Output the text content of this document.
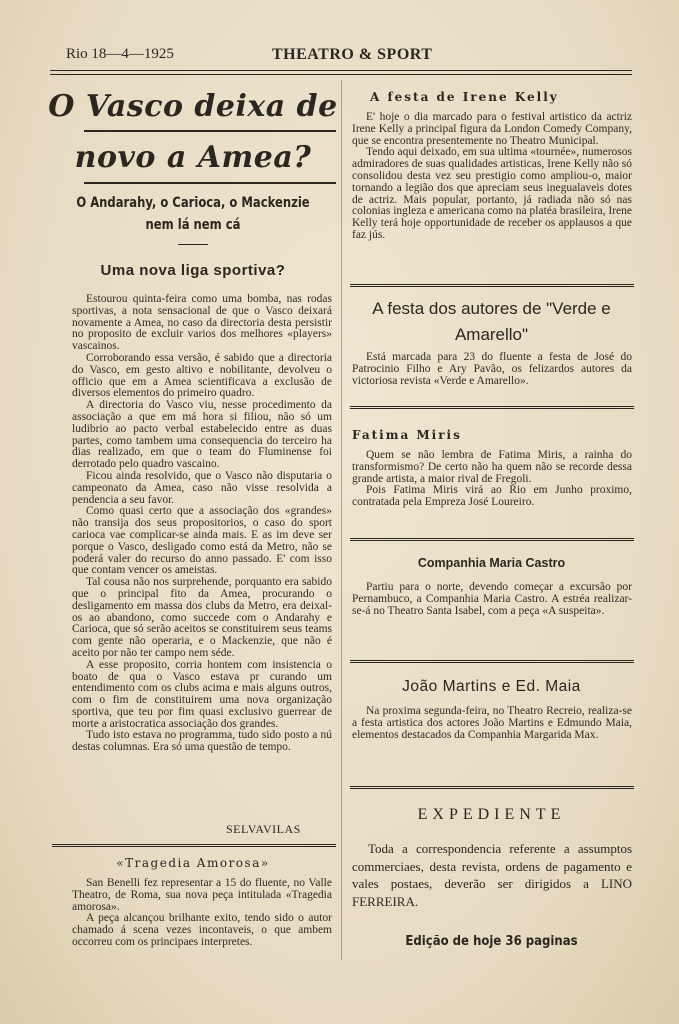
Rio 18—4—1925	THEATRO & SPORT
O Vasco deixa de
novo a Amea?
O Andarahy, o Carioca, o Mackenzie
nem lá nem cá
Uma nova liga sportiva?

Estourou quinta-feira como uma bomba, nas rodas sportivas, a nota sensacional de que o Vasco deixará novamente a Amea, no caso da directoria desta persistir no proposito de excluir varios dos melhores «players» vascainos.

Corroborando essa versão, é sabido que a directoria do Vasco, em gesto altivo e nobilitante, devolveu o officio que em a Amea scientificava a exclusão de diversos elementos do primeiro quadro.

A directoria do Vasco viu, nesse procedimento da associação a que em má hora si filiou, não só um ludibrio ao pacto verbal estabelecido entre as duas partes, como tambem uma consequencia do terceiro ha dias realizado, em que o team do Fluminense foi derrotado pelo quadro vascaino.

Ficou ainda resolvido, que o Vasco não disputaria o campeonato da Amea, caso não visse resolvida a pendencia a seu favor.

Como quasi certo que a associação dos «grandes» não transija dos seus propositorios, o caso do sport carioca vae complicar-se ainda mais. E as im deve ser porque o Vasco, desligado como está da Metro, não se poderá valer do recurso do anno passado. E' com isso que contam vencer os ameistas.

Tal cousa não nos surprehende, porquanto era sabido que o principal fito da Amea, procurando o desligamento em massa dos clubs da Metro, era deixal-os ao abandono, como succede com o Andarahy e Carioca, que só serão aceitos se constituirem seus teams com gente não operaria, e o Mackenzie, que não é aceito por não ter campo nem séde.

A esse proposito, corria hontem com insistencia o boato de qua o Vasco estava pr curando um entendimento com os clubs acima e mais alguns outros, com o fim de constituirem uma nova organização sportiva, que teu por fim quasi exclusivo guerrear de morte a aristocratica associação dos grandes.

Tudo isto estava no programma, tudo sido posto a nú destas columnas. Era só uma questão de tempo.

SELVAVILAS
«Tragedia Amorosa»

San Benelli fez representar a 15 do fluente, no Valle Theatro, de Roma, sua nova peça intitulada «Tragedia amorosa».

A peça alcançou brilhante exito, tendo sido o autor chamado á scena vezes incontaveis, o que ambem occorreu com os principaes interpretes.

A festa de Irene Kelly

E' hoje o dia marcado para o festival artistico da actriz Irene Kelly a principal figura da London Comedy Company, que se encontra presentemente no Theatro Municipal.

Tendo aqui deixado, em sua ultima «tournée», numerosos admiradores de suas qualidades artisticas, Irene Kelly não só consolidou desta vez seu prestigio como ampliou-o, maior tornando a legião dos que apreciam seus inegualaveis dotes de actriz. Mais popular, portanto, já radiada não só nas colonias ingleza e americana como na platéa brasileira, Irene Kelly terá hoje opportunidade de receber os applausos a que faz jús.

A festa dos autores de "Verde e Amarello"

Está marcada para 23 do fluente a festa de José do Patrocinio Filho e Ary Pavão, os felizardos autores da victoriosa revista «Verde e Amarello».

Fatima Miris

Quem se não lembra de Fatima Miris, a rainha do transformismo? De certo não ha quem não se recorde dessa grande artista, a maior rival de Fregoli.

Pois Fatima Miris virá ao Rio em Junho proximo, contratada pela Empreza José Loureiro.

Companhia Maria Castro

Partiu para o norte, devendo começar a excursão por Pernambuco, a Companhia Maria Castro. A estréa realizar-se-á no Theatro Santa Isabel, com a peça «A suspeita».

João Martins e Ed. Maia

Na proxima segunda-feira, no Theatro Recreio, realiza-se a festa artistica dos actores João Martins e Edmundo Maia, elementos destacados da Companhia Margarida Max.

EXPEDIENTE

Toda a correspondencia referente a assumptos commerciaes, desta revista, ordens de pagamento e vales postaes, deverão ser dirigidos a LINO FERREIRA.

Edição de hoje 36 paginas
